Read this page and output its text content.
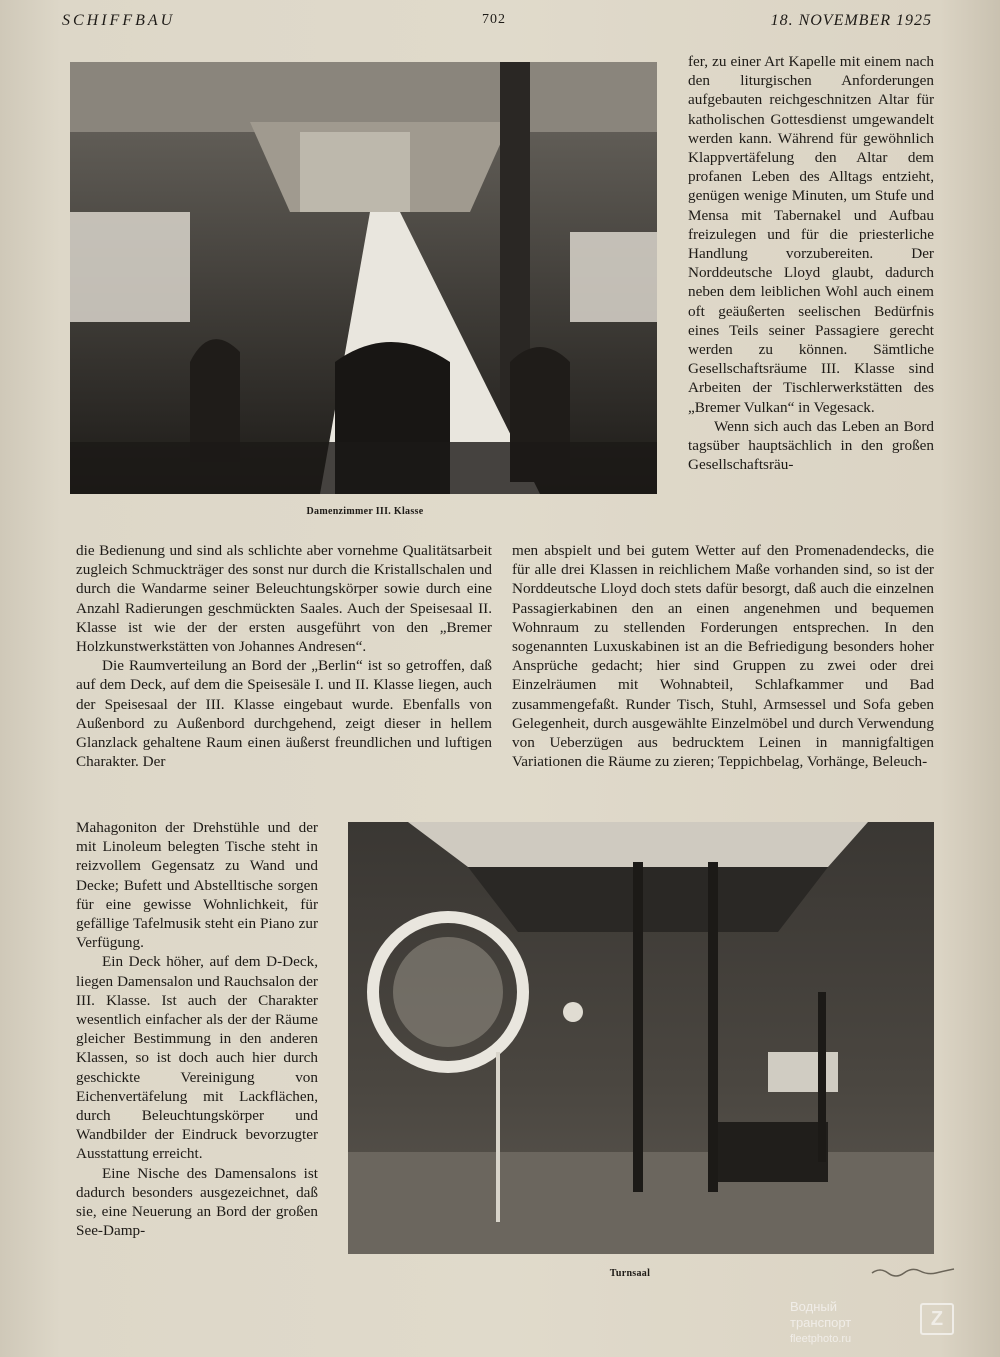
SCHIFFBAU	702	18. NOVEMBER 1925
Damenzimmer III. Klasse

fer, zu einer Art Kapelle mit einem nach den liturgischen Anforderungen aufgebauten reichgeschnitzen Altar für katholischen Gottesdienst umgewandelt werden kann. Während für gewöhnlich Klappvertäfelung den Altar dem profanen Leben des Alltags entzieht, genügen wenige Minuten, um Stufe und Mensa mit Tabernakel und Aufbau freizulegen und für die priesterliche Handlung vorzubereiten. Der Norddeutsche Lloyd glaubt, dadurch neben dem leiblichen Wohl auch einem oft geäußerten seelischen Bedürfnis eines Teils seiner Passagiere gerecht werden zu können. Sämtliche Gesellschaftsräume III. Klasse sind Arbeiten der Tischlerwerkstätten des „Bremer Vulkan“ in Vegesack.

Wenn sich auch das Leben an Bord tagsüber hauptsächlich in den großen Gesellschaftsräu-

die Bedienung und sind als schlichte aber vornehme Qualitätsarbeit zugleich Schmuckträger des sonst nur durch die Kristallschalen und durch die Wandarme seiner Beleuchtungskörper sowie durch eine Anzahl Radierungen geschmückten Saales. Auch der Speisesaal II. Klasse ist wie der der ersten ausgeführt von den „Bremer Holzkunstwerkstätten von Johannes Andresen“.

Die Raumverteilung an Bord der „Berlin“ ist so getroffen, daß auf dem Deck, auf dem die Speisesäle I. und II. Klasse liegen, auch der Speisesaal der III. Klasse eingebaut wurde. Ebenfalls von Außenbord zu Außenbord durchgehend, zeigt dieser in hellem Glanzlack gehaltene Raum einen äußerst freundlichen und luftigen Charakter. Der

men abspielt und bei gutem Wetter auf den Promenadendecks, die für alle drei Klassen in reichlichem Maße vorhanden sind, so ist der Norddeutsche Lloyd doch stets dafür besorgt, daß auch die einzelnen Passagierkabinen den an einen angenehmen und bequemen Wohnraum zu stellenden Forderungen entsprechen. In den sogenannten Luxuskabinen ist an die Befriedigung besonders hoher Ansprüche gedacht; hier sind Gruppen zu zwei oder drei Einzelräumen mit Wohnabteil, Schlafkammer und Bad zusammengefaßt. Runder Tisch, Stuhl, Armsessel und Sofa geben Gelegenheit, durch ausgewählte Einzelmöbel und durch Verwendung von Ueberzügen aus bedrucktem Leinen in mannigfaltigen Variationen die Räume zu zieren; Teppichbelag, Vorhänge, Beleuch-

Mahagoniton der Drehstühle und der mit Linoleum belegten Tische steht in reizvollem Gegensatz zu Wand und Decke; Bufett und Abstelltische sorgen für eine gewisse Wohnlichkeit, für gefällige Tafelmusik steht ein Piano zur Verfügung.

Ein Deck höher, auf dem D-Deck, liegen Damensalon und Rauchsalon der III. Klasse. Ist auch der Charakter wesentlich einfacher als der der Räume gleicher Bestimmung in den anderen Klassen, so ist doch auch hier durch geschickte Vereinigung von Eichenvertäfelung mit Lackflächen, durch Beleuchtungskörper und Wandbilder der Eindruck bevorzugter Ausstattung erreicht.

Eine Nische des Damensalons ist dadurch besonders ausgezeichnet, daß sie, eine Neuerung an Bord der großen See-Damp-

Turnsaal
Водный
транспорт
fleetphoto.ru
Z
